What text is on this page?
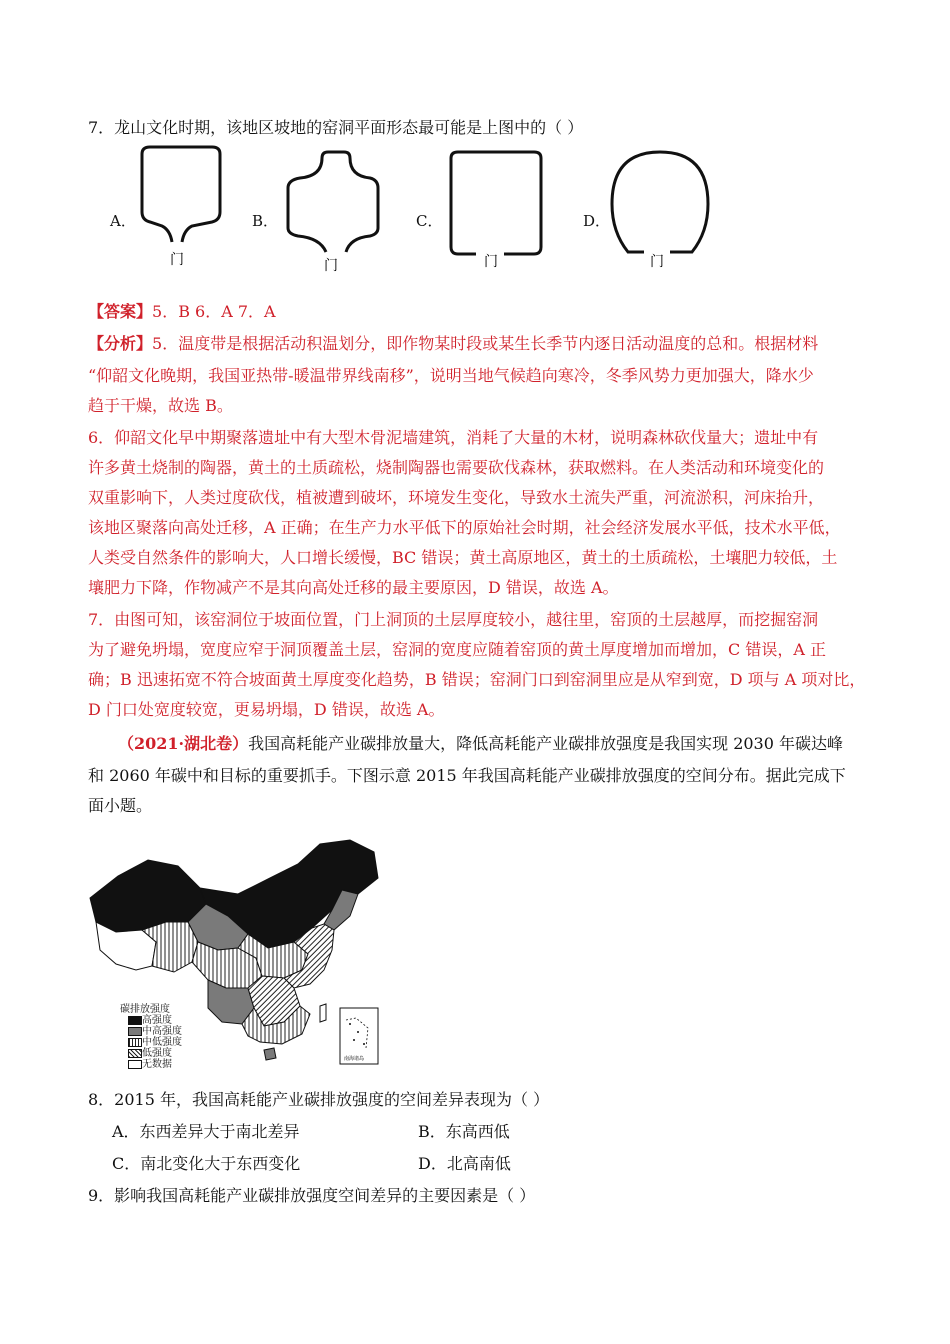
7．龙山文化时期，该地区坡地的窑洞平面形态最可能是上图中的（ ）
A．
门
B．
门
C．
门
D．
门
【答案】5．B 6．A 7．A
【分析】5．温度带是根据活动积温划分，即作物某时段或某生长季节内逐日活动温度的总和。根据材料
“仰韶文化晚期，我国亚热带-暖温带界线南移”，说明当地气候趋向寒冷，冬季风势力更加强大，降水少
趋于干燥，故选 B。
6．仰韶文化早中期聚落遗址中有大型木骨泥墙建筑，消耗了大量的木材，说明森林砍伐量大；遗址中有
许多黄土烧制的陶器，黄土的土质疏松，烧制陶器也需要砍伐森林，获取燃料。在人类活动和环境变化的
双重影响下，人类过度砍伐，植被遭到破坏，环境发生变化，导致水土流失严重，河流淤积，河床抬升，
该地区聚落向高处迁移，A 正确；在生产力水平低下的原始社会时期，社会经济发展水平低，技术水平低，
人类受自然条件的影响大，人口增长缓慢，BC 错误；黄土高原地区，黄土的土质疏松，土壤肥力较低，土
壤肥力下降，作物减产不是其向高处迁移的最主要原因，D 错误，故选 A。
7．由图可知，该窑洞位于坡面位置，门上洞顶的土层厚度较小，越往里，窑顶的土层越厚，而挖掘窑洞
为了避免坍塌，宽度应窄于洞顶覆盖土层，窑洞的宽度应随着窑顶的黄土厚度增加而增加，C 错误，A 正
确；B 迅速拓宽不符合坡面黄土厚度变化趋势，B 错误；窑洞门口到窑洞里应是从窄到宽，D 项与 A 项对比，
D 门口处宽度较宽，更易坍塌，D 错误，故选 A。
（2021·湖北卷）我国高耗能产业碳排放量大，降低高耗能产业碳排放强度是我国实现 2030 年碳达峰
和 2060 年碳中和目标的重要抓手。下图示意 2015 年我国高耗能产业碳排放强度的空间分布。据此完成下
面小题。
南海诸岛
碳排放强度
高强度
中高强度
中低强度
低强度
无数据
8．2015 年，我国高耗能产业碳排放强度的空间差异表现为（ ）
A．东西差异大于南北差异	B．东高西低
C．南北变化大于东西变化	D．北高南低
9．影响我国高耗能产业碳排放强度空间差异的主要因素是（ ）
